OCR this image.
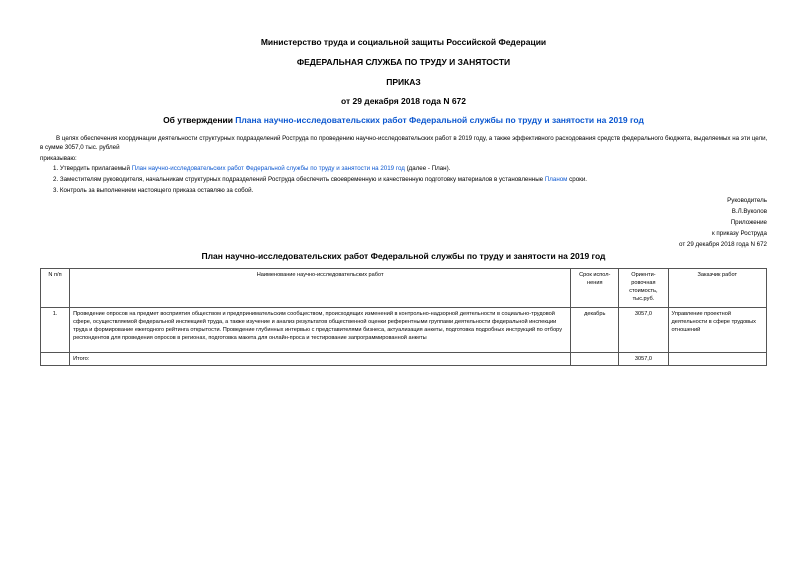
Министерство труда и социальной защиты Российской Федерации
ФЕДЕРАЛЬНАЯ СЛУЖБА ПО ТРУДУ И ЗАНЯТОСТИ
ПРИКАЗ
от 29 декабря 2018 года N 672
Об утверждении Плана научно-исследовательских работ Федеральной службы по труду и занятости на 2019 год
В целях обеспечения координации деятельности структурных подразделений Роструда по проведению научно-исследовательских работ в 2019 году, а также эффективного расходования средств федерального бюджета, выделяемых на эти цели, в сумме 3057,0 тыс. рублей
приказываю:
1. Утвердить прилагаемый План научно-исследовательских работ Федеральной службы по труду и занятости на 2019 год (далее - План).
2. Заместителям руководителя, начальникам структурных подразделений Роструда обеспечить своевременную и качественную подготовку материалов в установленные Планом сроки.
3. Контроль за выполнением настоящего приказа оставляю за собой.
Руководитель
В.Л.Вуколов
Приложение
к приказу Роструда
от 29 декабря 2018 года N 672
План научно-исследовательских работ Федеральной службы по труду и занятости на 2019 год
N п/п	Наименование научно-исследовательских работ	Срок испол- нения	Ориенти- ровочная стоимость, тыс.руб.	Заказчик работ
1.	Проведение опросов на предмет восприятия обществом и предпринимательским сообществом, происходящих изменений в контрольно-надзорной деятельности в социально-трудовой сфере, осуществляемой федеральной инспекцией труда, а также изучение и анализ результатов общественной оценки референтными группами деятельности федеральной инспекции труда и формирование ежегодного рейтинга открытости. Проведение глубинных интервью с представителями бизнеса, актуализация анкеты, подготовка подробных инструкций по отбору респондентов для проведения опросов в регионах, подготовка макета для онлайн-проса и тестирование запрограммированной анкеты	декабрь	3057,0	Управление проектной деятельности в сфере трудовых отношений
	Итого:		3057,0	
